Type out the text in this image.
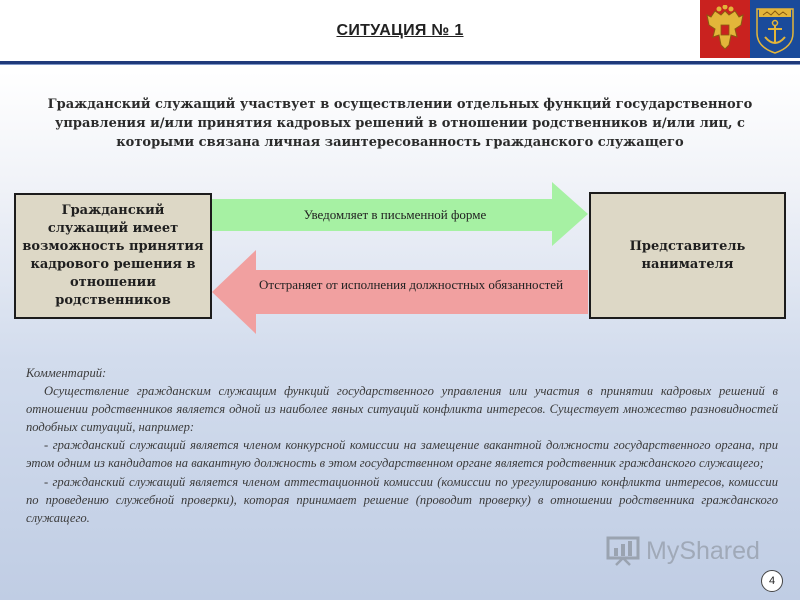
СИТУАЦИЯ № 1
Гражданский служащий участвует в осуществлении отдельных функций государственного управления и/или принятия кадровых решений в отношении родственников и/или лиц, с которыми связана личная заинтересованность гражданского служащего
Гражданский служащий имеет возможность принятия кадрового решения в отношении родственников
Уведомляет в письменной форме
Отстраняет от исполнения должностных обязанностей
Представитель нанимателя
Комментарий:
Осуществление гражданским служащим функций государственного управления или участия в принятии кадровых решений в отношении родственников является одной из наиболее явных ситуаций конфликта интересов. Существует множество разновидностей подобных ситуаций, например:
- гражданский служащий является членом конкурсной комиссии на замещение вакантной должности государственного органа, при этом одним из кандидатов на вакантную должность в этом государственном органе является родственник гражданского служащего;
- гражданский служащий является членом аттестационной комиссии (комиссии по урегулированию конфликта интересов, комиссии по проведению служебной проверки), которая принимает решение (проводит проверку) в отношении родственника гражданского служащего.
MyShared
4
